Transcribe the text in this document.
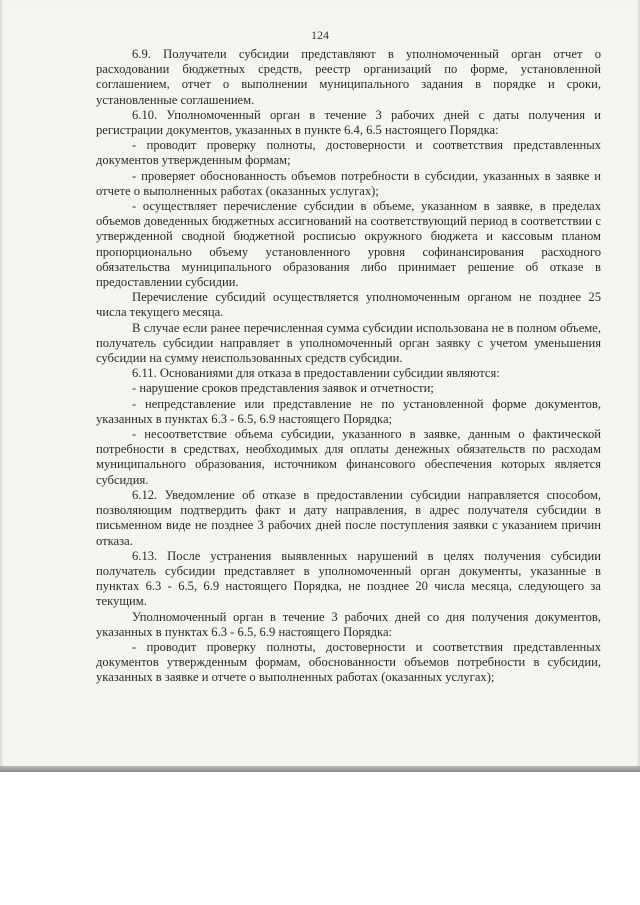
124

6.9. Получатели субсидии представляют в уполномоченный орган отчет о расходовании бюджетных средств, реестр организаций по форме, установленной соглашением, отчет о выполнении муниципального задания в порядке и сроки, установленные соглашением.

6.10. Уполномоченный орган в течение 3 рабочих дней с даты получения и регистрации документов, указанных в пункте 6.4, 6.5 настоящего Порядка:

- проводит проверку полноты, достоверности и соответствия представленных документов утвержденным формам;

- проверяет обоснованность объемов потребности в субсидии, указанных в заявке и отчете о выполненных работах (оказанных услугах);

- осуществляет перечисление субсидии в объеме, указанном в заявке, в пределах объемов доведенных бюджетных ассигнований на соответствующий период в соответствии с утвержденной сводной бюджетной росписью окружного бюджета и кассовым планом пропорционально объему установленного уровня софинансирования расходного обязательства муниципального образования либо принимает решение об отказе в предоставлении субсидии.

Перечисление субсидий осуществляется уполномоченным органом не позднее 25 числа текущего месяца.

В случае если ранее перечисленная сумма субсидии использована не в полном объеме, получатель субсидии направляет в уполномоченный орган заявку с учетом уменьшения субсидии на сумму неиспользованных средств субсидии.

6.11. Основаниями для отказа в предоставлении субсидии являются:

- нарушение сроков представления заявок и отчетности;

- непредставление или представление не по установленной форме документов, указанных в пунктах 6.3 - 6.5, 6.9 настоящего Порядка;

- несоответствие объема субсидии, указанного в заявке, данным о фактической потребности в средствах, необходимых для оплаты денежных обязательств по расходам муниципального образования, источником финансового обеспечения которых является субсидия.

6.12. Уведомление об отказе в предоставлении субсидии направляется способом, позволяющим подтвердить факт и дату направления, в адрес получателя субсидии в письменном виде не позднее 3 рабочих дней после поступления заявки с указанием причин отказа.

6.13. После устранения выявленных нарушений в целях получения субсидии получатель субсидии представляет в уполномоченный орган документы, указанные в пунктах 6.3 - 6.5, 6.9 настоящего Порядка, не позднее 20 числа месяца, следующего за текущим.

Уполномоченный орган в течение 3 рабочих дней со дня получения документов, указанных в пунктах 6.3 - 6.5, 6.9 настоящего Порядка:

- проводит проверку полноты, достоверности и соответствия представленных документов утвержденным формам, обоснованности объемов потребности в субсидии, указанных в заявке и отчете о выполненных работах (оказанных услугах);
